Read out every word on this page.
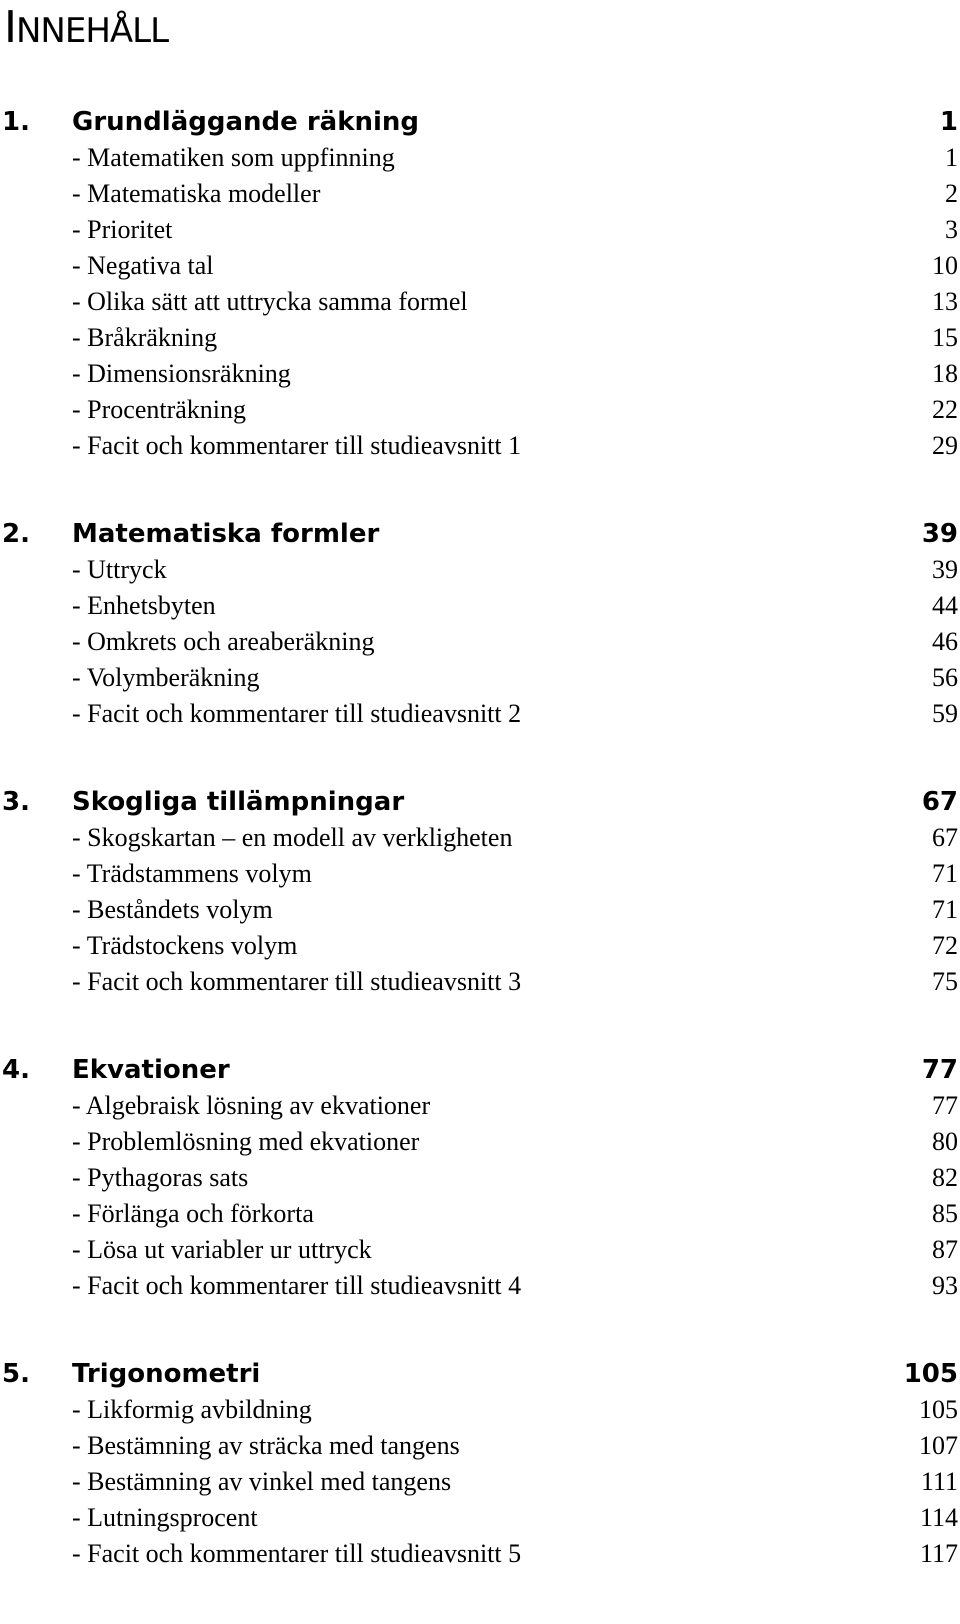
INNEHÅLL
1. Grundläggande räkning	1
- Matematiken som uppfinning	1
- Matematiska modeller	2
- Prioritet	3
- Negativa tal	10
- Olika sätt att uttrycka samma formel	13
- Bråkräkning	15
- Dimensionsräkning	18
- Procenträkning	22
- Facit och kommentarer till studieavsnitt 1	29
2. Matematiska formler	39
- Uttryck	39
- Enhetsbyten	44
- Omkrets och areaberäkning	46
- Volymberäkning	56
- Facit och kommentarer till studieavsnitt 2	59
3. Skogliga tillämpningar	67
- Skogskartan – en modell av verkligheten	67
- Trädstammens volym	71
- Beståndets volym	71
- Trädstockens volym	72
- Facit och kommentarer till studieavsnitt 3	75
4. Ekvationer	77
- Algebraisk lösning av ekvationer	77
- Problemlösning med ekvationer	80
- Pythagoras sats	82
- Förlänga och förkorta	85
- Lösa ut variabler ur uttryck	87
- Facit och kommentarer till studieavsnitt 4	93
5. Trigonometri	105
- Likformig avbildning	105
- Bestämning av sträcka med tangens	107
- Bestämning av vinkel med tangens	111
- Lutningsprocent	114
- Facit och kommentarer till studieavsnitt 5	117
